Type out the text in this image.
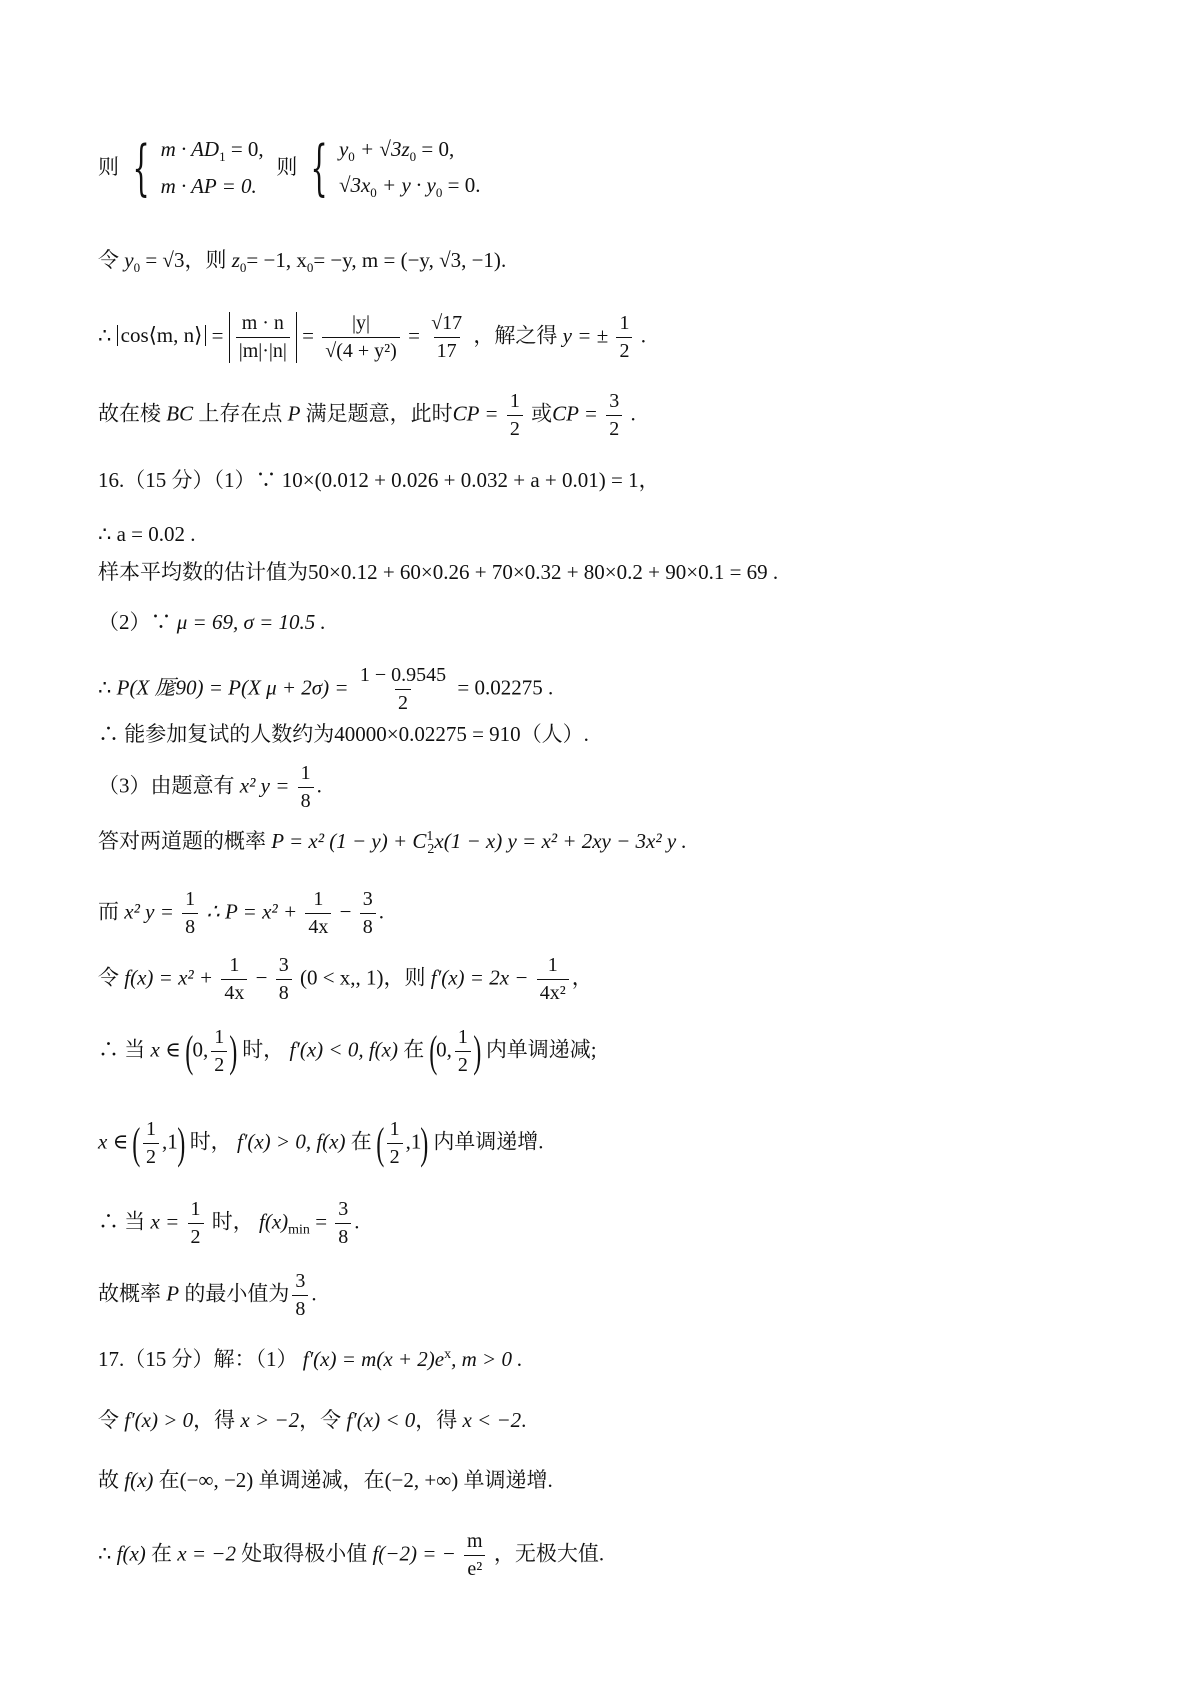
则 { $m \cdot AD_1 = 0$,
m · AP = 0.
则 { $y_0 + √3z_0 = 0$,
$√3x_0 + y \cdot y_0 = 0$.
令 $y_0 = √3$，则 $z_0= -1$, $x_0= -y$, m = (−y, √3, −1).
∴ cos⟨m, n⟩ = $\frac{m \cdot n}{|m|\cdot|n|} = \frac{|y|}{\text{√(4 + y²)}} = \frac{√17}{17}$ ，解之得 y = ± $\frac{1}{2}$ .
故在棱 BC 上存在点 P 满足题意，此时CP = $\frac{1}{2}$ 或CP = $\frac{3}{2}$ .
16.（15 分）（1）∵ 10×(0.012 + 0.026 + 0.032 + a + 0.01) = 1，
∴ a = 0.02 .
样本平均数的估计值为50×0.12 + 60×0.26 + 70×0.32 + 80×0.2 + 90×0.1 = 69 .
（2）∵ μ = 69, σ = 10.5 .
∴ P(X 厖90) = P(X $\mu + 2\sigma) = \frac{1 - 0.9545}{2} = 0.02275$ .
∴ 能参加复试的人数约为40000×0.02275 = 910（人）.
（3）由题意有 x² $y = \frac{1}{8}$ .
答对两道题的概率 P = x² $(1 - y) + C^1_2x(1 - x) y = x^2 + 2xy - 3x^2$ y .
而 x² $y = \frac{1}{8}$ ∴ $P = x^2 + \frac{1}{4x} - \frac{3}{8}$ .
令 $f(x) = x^2 + \frac{1}{4x} - \frac{3}{8} (0 < x$,, 1)，则 $f'(x) = 2x - \frac{1}{\text{4x²}}$ ，
∴ 当 x ∈ (0, $\frac{1}{2}$ ) 时， f′(x) < 0, f(x) 在 (0, $\frac{1}{2}$ ) 内单调递减;
x ∈ ( $\frac{1}{2} ,1$) 时， f′(x) > 0, f(x) 在 ( $\frac{1}{2} ,1$) 内单调递增.
∴ 当 $x = \frac{1}{2}$ 时， $f(x)_{min} = \frac{3}{8}$ .
故概率 P 的最小值为 $\frac{3}{8}$ .
17.（15 分）解：（1） $f'(x) = m(x + 2)e^x$, m > 0 .
令 f′(x) > 0，得 x > −2，令 f′(x) < 0，得 x < −2.
故 f(x) 在(−∞, −2) 单调递减，在(−2, +∞) 单调递增.
∴ f(x) 在 x = −2 处取得极小值 f(−2) = − $\frac{m}{\text{e²}}$ ，无极大值.
